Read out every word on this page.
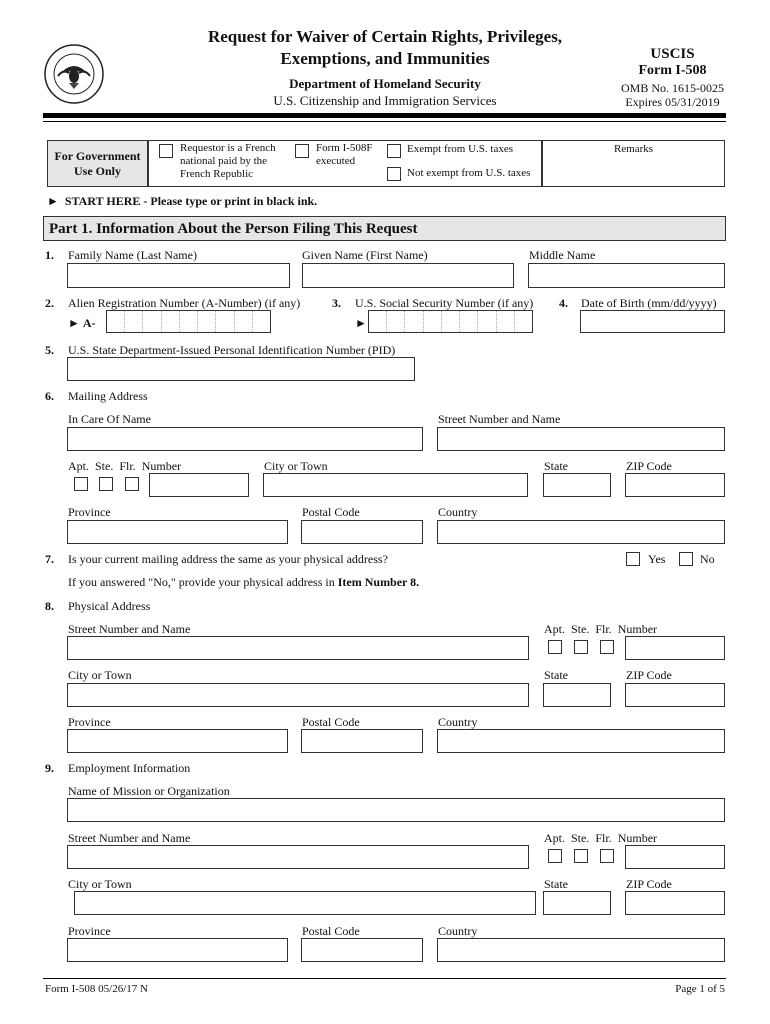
Request for Waiver of Certain Rights, Privileges,
Exemptions, and Immunities
Department of Homeland Security
U.S. Citizenship and Immigration Services
USCIS
Form I-508
OMB No. 1615-0025
Expires 05/31/2019
For Government
Use Only
Requestor is a French national paid by the French Republic
Form I-508F executed
Exempt from U.S. taxes
Not exempt from U.S. taxes
Remarks
►  START HERE - Please type or print in black ink.
Part 1. Information About the Person Filing This Request
1. Family Name (Last Name)	Given Name (First Name)	Middle Name
2. Alien Registration Number (A-Number) (if any)
► A-
3. U.S. Social Security Number (if any)
►
4. Date of Birth (mm/dd/yyyy)
5. U.S. State Department-Issued Personal Identification Number (PID)
6. Mailing Address
In Care Of Name	Street Number and Name
Apt. Ste. Flr. Number	City or Town	State	ZIP Code
Province	Postal Code	Country
7. Is your current mailing address the same as your physical address?	Yes	No
If you answered "No," provide your physical address in Item Number 8.
8. Physical Address
Street Number and Name	Apt. Ste. Flr. Number
City or Town	State	ZIP Code
Province	Postal Code	Country
9. Employment Information
Name of Mission or Organization
Street Number and Name	Apt. Ste. Flr. Number
City or Town	State	ZIP Code
Province	Postal Code	Country
Form I-508 05/26/17 N	Page 1 of 5
